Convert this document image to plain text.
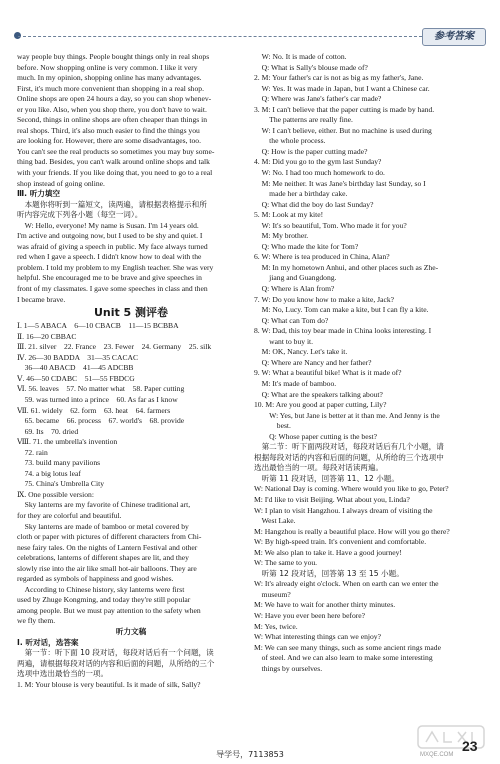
参考答案
way people buy things. People bought things only in real shops
before. Now shopping online is very common. I like it very
much. In my opinion, shopping online has many advantages.
First, it's much more convenient than shopping in a real shop.
Online shops are open 24 hours a day, so you can shop whenev-
er you like. Also, when you shop there, you don't have to wait.
Second, things in online shops are often cheaper than things in
real shops. Third, it's also much easier to find the things you
are looking for. However, there are some disadvantages, too.
You can't see the real products so sometimes you may buy some-
thing bad. Besides, you can't walk around online shops and talk
with your friends. If you like doing that, you need to go to a real
shop instead of going online.
Ⅲ. 听力填空
　本题你将听到一篇短文，读两遍，请根据表格提示和所
听内容完成下列各小题（每空一词）。
　W: Hello, everyone! My name is Susan. I'm 14 years old.
I'm active and outgoing now, but I used to be shy and quiet. I
was afraid of giving a speech in public. My face always turned
red when I gave a speech. I didn't know how to deal with the
problem. I told my problem to my English teacher. She was very
helpful. She encouraged me to be brave and give speeches in
front of my classmates. I gave some speeches in class and then
I became brave.
Unit 5 测评卷
Ⅰ. 1—5 ABACA　6—10 CBACB　11—15 BCBBA
Ⅱ. 16—20 CBBAC
Ⅲ. 21. silver　22. France　23. Fewer　24. Germany　25. silk
Ⅳ. 26—30 BADDA　31—35 CACAC
　36—40 ABACD　41—45 ADCBB
Ⅴ. 46—50 CDABC　51—55 FBDCG
Ⅵ. 56. leaves　57. No matter what　58. Paper cutting
　59. was turned into a prince　60. As far as I know
Ⅶ. 61. widely　62. form　63. heat　64. farmers
　65. became　66. process　67. world's　68. provide
　69. Its　70. dried
Ⅷ. 71. the umbrella's invention
　72. rain
　73. build many pavilions
　74. a big lotus leaf
　75. China's Umbrella City
Ⅸ. One possible version:
　Sky lanterns are my favorite of Chinese traditional art,
for they are colorful and beautiful.
　Sky lanterns are made of bamboo or metal covered by
cloth or paper with pictures of different characters from Chi-
nese fairy tales. On the nights of Lantern Festival and other
celebrations, lanterns of different shapes are lit, and they
slowly rise into the air like small hot-air balloons. They are
regarded as symbols of happiness and good wishes.
　According to Chinese history, sky lanterns were first
used by Zhuge Kongming, and today they're still popular
among people. But we must pay attention to the safety when
we fly them.
听力文稿
Ⅰ. 听对话，选答案
　第一节：听下面 10 段对话，每段对话后有一个问题，读
两遍，请根据每段对话的内容和后面的问题，从所给的三个
选项中选出最恰当的一项。
1. M: Your blouse is very beautiful. Is it made of silk, Sally?
　W: No. It is made of cotton.
　Q: What is Sally's blouse made of?
2. M: Your father's car is not as big as my father's, Jane.
　W: Yes. It was made in Japan, but I want a Chinese car.
　Q: Where was Jane's father's car made?
3. M: I can't believe that the paper cutting is made by hand.
　　The patterns are really fine.
　W: I can't believe, either. But no machine is used during
　　the whole process.
　Q: How is the paper cutting made?
4. M: Did you go to the gym last Sunday?
　W: No. I had too much homework to do.
　M: Me neither. It was Jane's birthday last Sunday, so I
　　made her a birthday cake.
　Q: What did the boy do last Sunday?
5. M: Look at my kite!
　W: It's so beautiful, Tom. Who made it for you?
　M: My brother.
　Q: Who made the kite for Tom?
6. W: Where is tea produced in China, Alan?
　M: In my hometown Anhui, and other places such as Zhe-
　　jiang and Guangdong.
　Q: Where is Alan from?
7. W: Do you know how to make a kite, Jack?
　M: No, Lucy. Tom can make a kite, but I can fly a kite.
　Q: What can Tom do?
8. W: Dad, this toy bear made in China looks interesting. I
　　want to buy it.
　M: OK, Nancy. Let's take it.
　Q: Where are Nancy and her father?
9. W: What a beautiful bike! What is it made of?
　M: It's made of bamboo.
　Q: What are the speakers talking about?
10. M: Are you good at paper cutting, Lily?
　　W: Yes, but Jane is better at it than me. And Jenny is the
　　　best.
　　Q: Whose paper cutting is the best?
　第二节：听下面两段对话，每段对话后有几个小题，请
根据每段对话的内容和后面的问题，从所给的三个选项中
选出最恰当的一项。每段对话读两遍。
　听第 11 段对话，回答第 11、12 小题。
W: National Day is coming. Where would you like to go, Peter?
M: I'd like to visit Beijing. What about you, Linda?
W: I plan to visit Hangzhou. I always dream of visiting the
　West Lake.
M: Hangzhou is really a beautiful place. How will you go there?
W: By high-speed train. It's convenient and comfortable.
M: We also plan to take it. Have a good journey!
W: The same to you.
　听第 12 段对话，回答第 13 至 15 小题。
W: It's already eight o'clock. When on earth can we enter the
　museum?
M: We have to wait for another thirty minutes.
W: Have you ever been here before?
M: Yes, twice.
W: What interesting things can we enjoy?
M: We can see many things, such as some ancient rings made
　of steel. And we can also learn to make some interesting
　things by ourselves.
导学号，7113853	MXQE.COM
23
